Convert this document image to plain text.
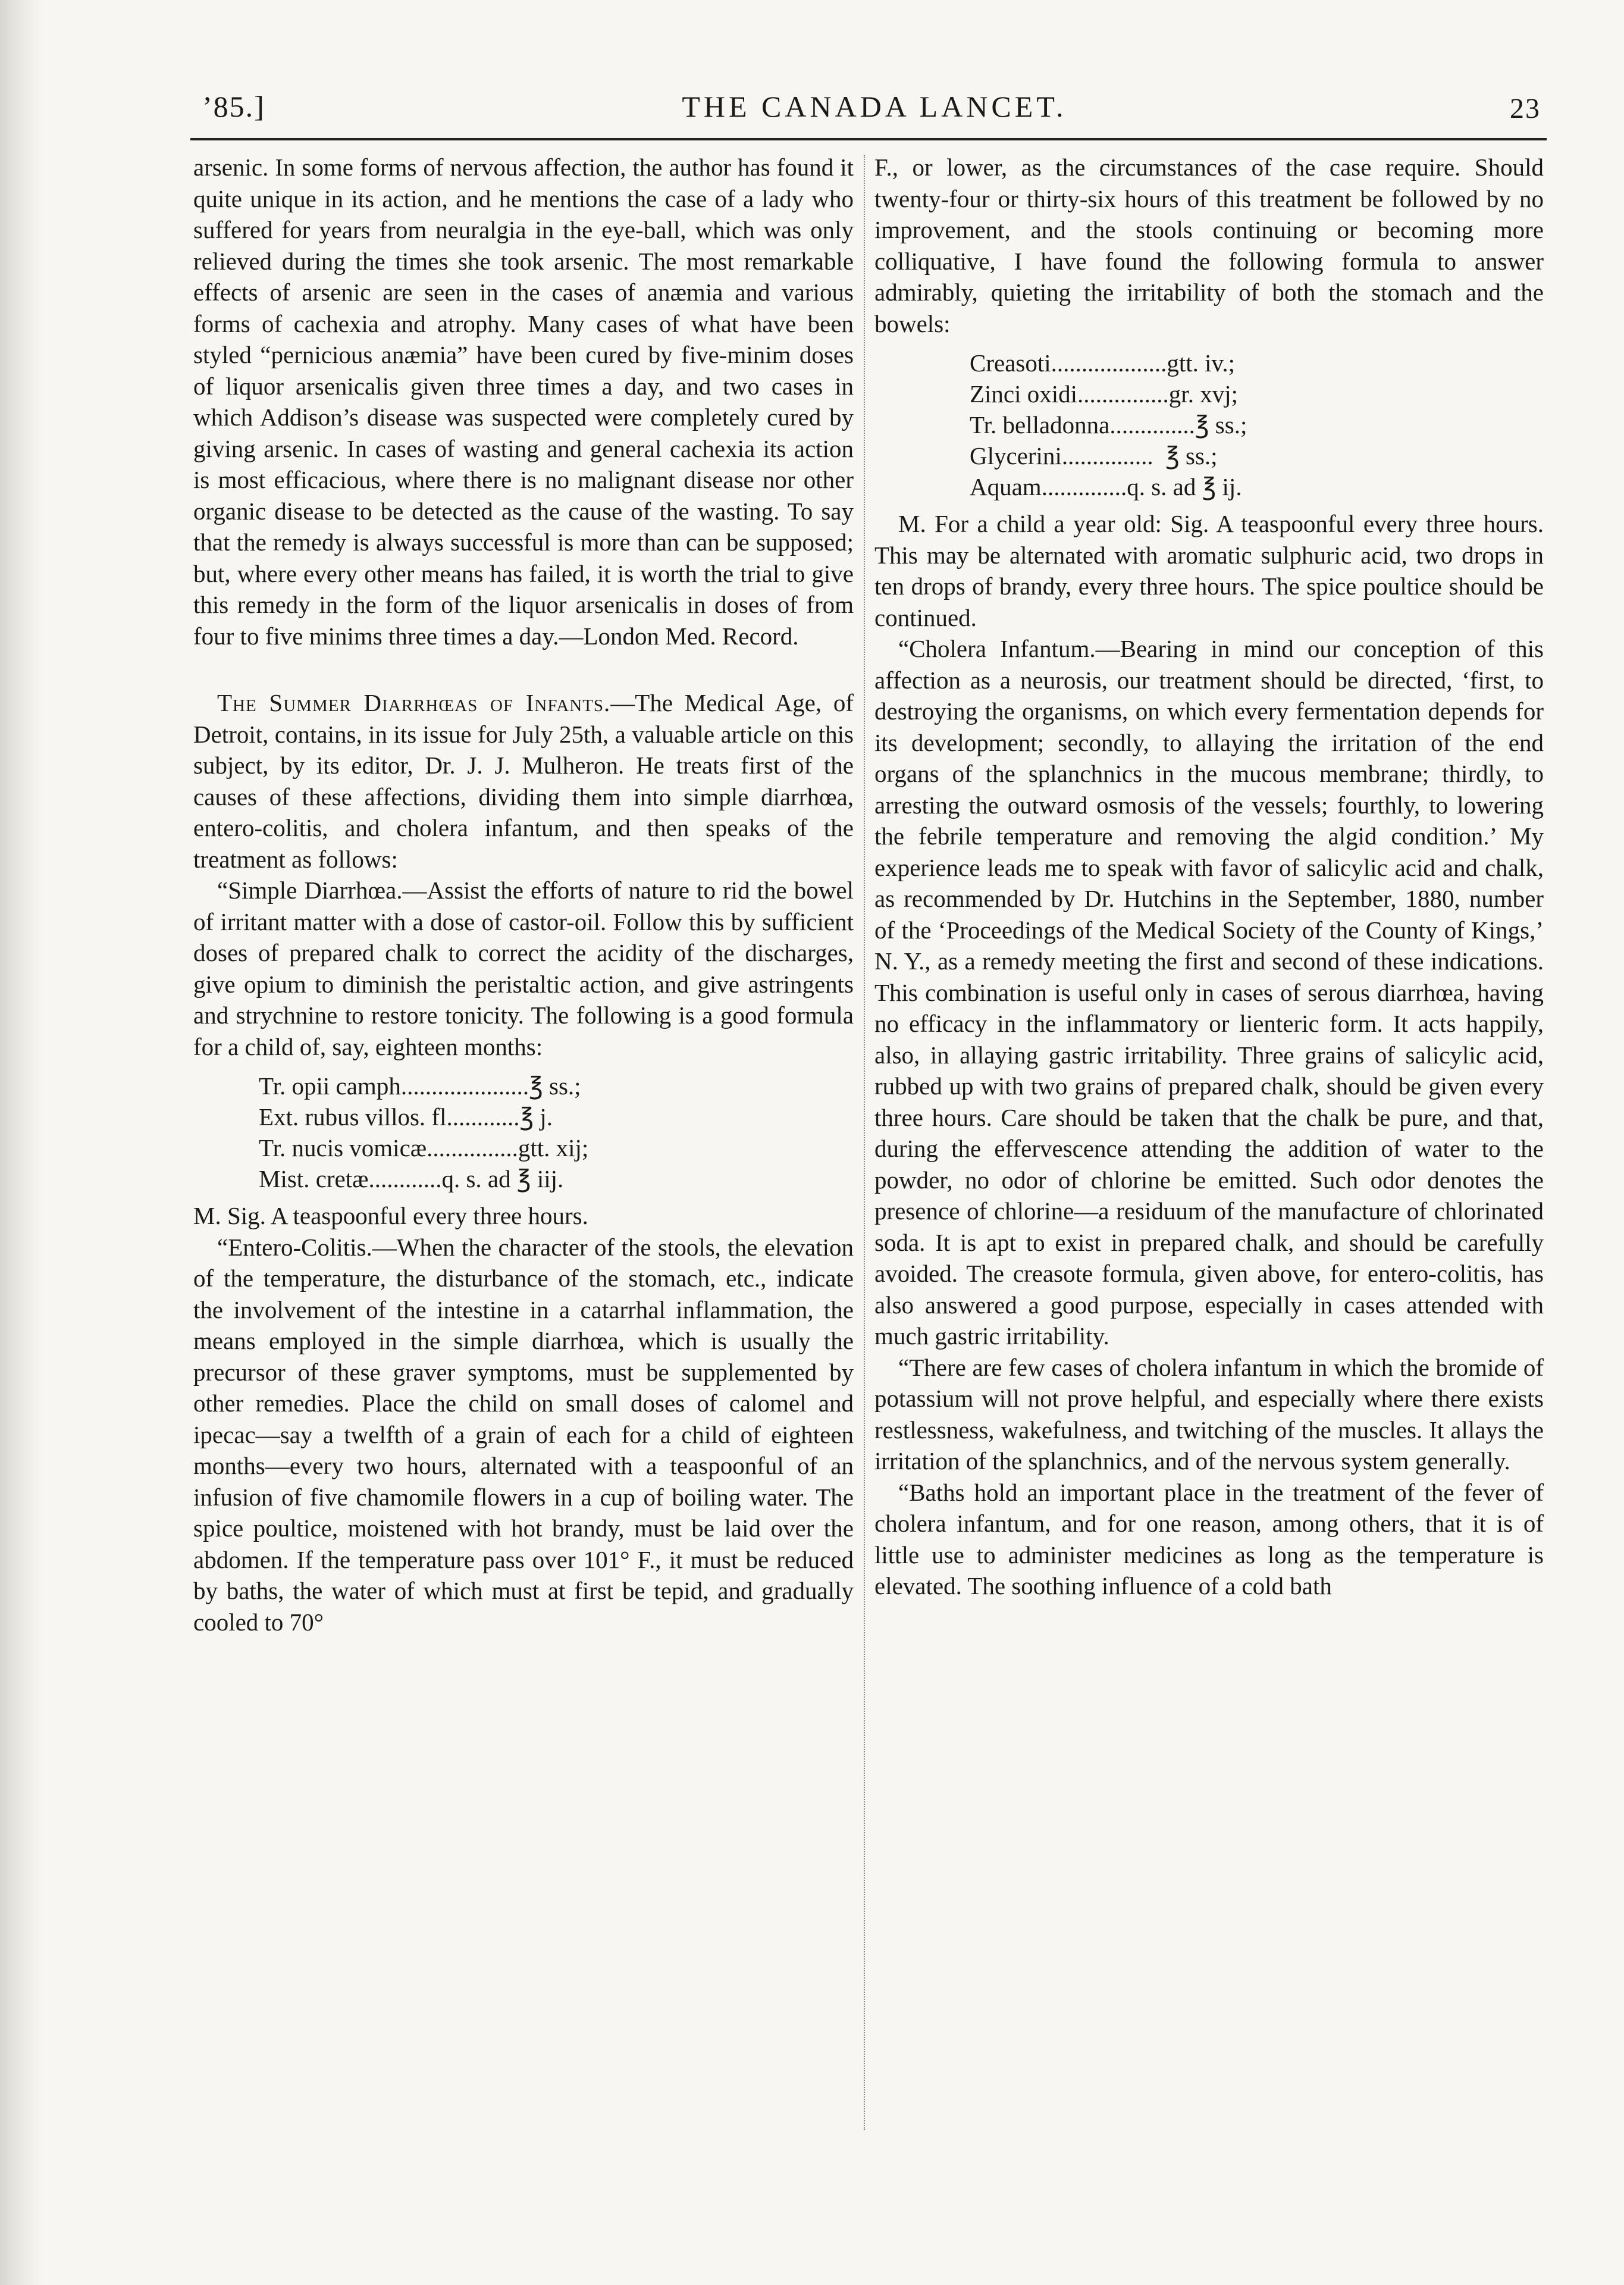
’85.]	THE CANADA LANCET.	23

arsenic. In some forms of nervous affection, the author has found it quite unique in its action, and he mentions the case of a lady who suffered for years from neuralgia in the eye-ball, which was only relieved during the times she took arsenic. The most remarkable effects of arsenic are seen in the cases of anæmia and various forms of cachexia and atrophy. Many cases of what have been styled “pernicious anæmia” have been cured by five-minim doses of liquor arsenicalis given three times a day, and two cases in which Addison’s disease was suspected were completely cured by giving arsenic. In cases of wasting and general cachexia its action is most efficacious, where there is no malignant disease nor other organic disease to be detected as the cause of the wasting. To say that the remedy is always successful is more than can be supposed; but, where every other means has failed, it is worth the trial to give this remedy in the form of the liquor arsenicalis in doses of from four to five minims three times a day.—London Med. Record.

The Summer Diarrhœas of Infants.—The Medical Age, of Detroit, contains, in its issue for July 25th, a valuable article on this subject, by its editor, Dr. J. J. Mulheron. He treats first of the causes of these affections, dividing them into simple diarrhœa, entero-colitis, and cholera infantum, and then speaks of the treatment as follows:

“Simple Diarrhœa.—Assist the efforts of nature to rid the bowel of irritant matter with a dose of castor-oil. Follow this by sufficient doses of prepared chalk to correct the acidity of the discharges, give opium to diminish the peristaltic action, and give astringents and strychnine to restore tonicity. The following is a good formula for a child of, say, eighteen months:

Tr. opii camph.....................℥ ss.;
Ext. rubus villos. fl............℥ j.
Tr. nucis vomicæ...............gtt. xij;
Mist. cretæ............q. s. ad ℥ iij.

M. Sig. A teaspoonful every three hours.

“Entero-Colitis.—When the character of the stools, the elevation of the temperature, the disturbance of the stomach, etc., indicate the involvement of the intestine in a catarrhal inflammation, the means employed in the simple diarrhœa, which is usually the precursor of these graver symptoms, must be supplemented by other remedies. Place the child on small doses of calomel and ipecac—say a twelfth of a grain of each for a child of eighteen months—every two hours, alternated with a teaspoonful of an infusion of five chamomile flowers in a cup of boiling water. The spice poultice, moistened with hot brandy, must be laid over the abdomen. If the temperature pass over 101° F., it must be reduced by baths, the water of which must at first be tepid, and gradually cooled to 70°

F., or lower, as the circumstances of the case require. Should twenty-four or thirty-six hours of this treatment be followed by no improvement, and the stools continuing or becoming more colliquative, I have found the following formula to answer admirably, quieting the irritability of both the stomach and the bowels:

Creasoti...................gtt. iv.;
Zinci oxidi...............gr. xvj;
Tr. belladonna..............℥ ss.;
Glycerini...............  ℥ ss.;
Aquam..............q. s. ad ℥ ij.

M. For a child a year old: Sig. A teaspoonful every three hours. This may be alternated with aromatic sulphuric acid, two drops in ten drops of brandy, every three hours. The spice poultice should be continued.

“Cholera Infantum.—Bearing in mind our conception of this affection as a neurosis, our treatment should be directed, ‘first, to destroying the organisms, on which every fermentation depends for its development; secondly, to allaying the irritation of the end organs of the splanchnics in the mucous membrane; thirdly, to arresting the outward osmosis of the vessels; fourthly, to lowering the febrile temperature and removing the algid condition.’ My experience leads me to speak with favor of salicylic acid and chalk, as recommended by Dr. Hutchins in the September, 1880, number of the ‘Proceedings of the Medical Society of the County of Kings,’ N. Y., as a remedy meeting the first and second of these indications. This combination is useful only in cases of serous diarrhœa, having no efficacy in the inflammatory or lienteric form. It acts happily, also, in allaying gastric irritability. Three grains of salicylic acid, rubbed up with two grains of prepared chalk, should be given every three hours. Care should be taken that the chalk be pure, and that, during the effervescence attending the addition of water to the powder, no odor of chlorine be emitted. Such odor denotes the presence of chlorine—a residuum of the manufacture of chlorinated soda. It is apt to exist in prepared chalk, and should be carefully avoided. The creasote formula, given above, for entero-colitis, has also answered a good purpose, especially in cases attended with much gastric irritability.

“There are few cases of cholera infantum in which the bromide of potassium will not prove helpful, and especially where there exists restlessness, wakefulness, and twitching of the muscles. It allays the irritation of the splanchnics, and of the nervous system generally.

“Baths hold an important place in the treatment of the fever of cholera infantum, and for one reason, among others, that it is of little use to administer medicines as long as the temperature is elevated. The soothing influence of a cold bath
